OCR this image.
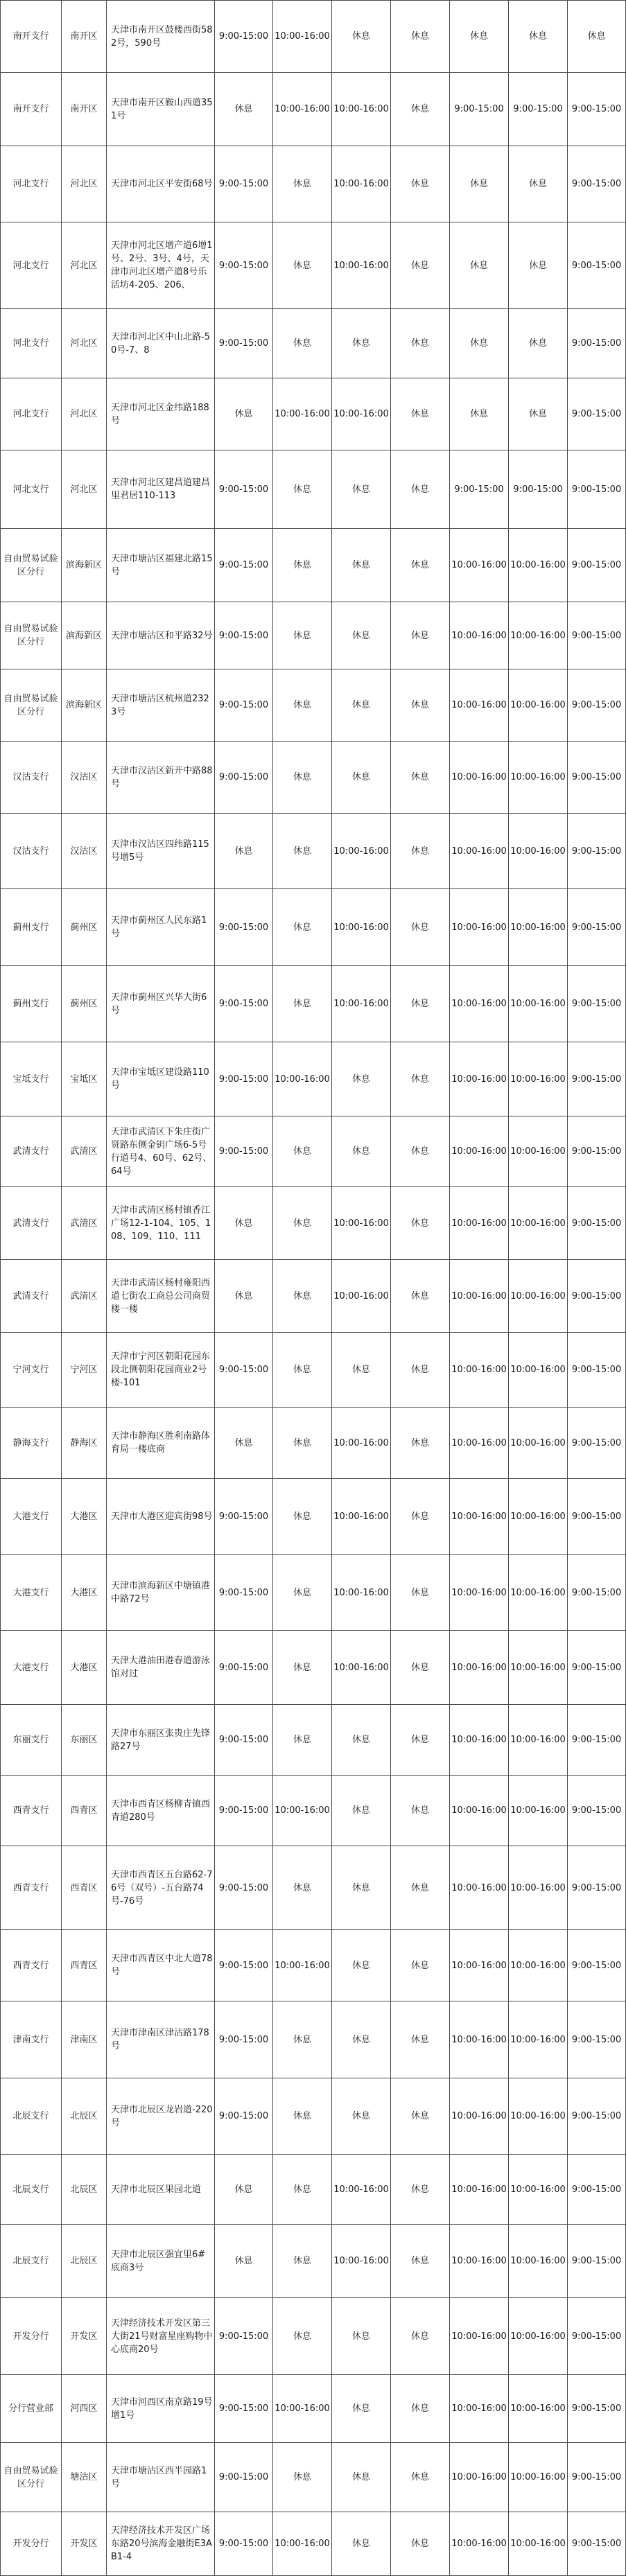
南开支行	南开区	天津市南开区鼓楼西街582号，590号	9:00-15:00	10:00-16:00	休息	休息	休息	休息	休息
南开支行	南开区	天津市南开区鞍山西道351号	休息	10:00-16:00	10:00-16:00	休息	9:00-15:00	9:00-15:00	9:00-15:00
河北支行	河北区	天津市河北区平安街68号	9:00-15:00	休息	10:00-16:00	休息	休息	休息	9:00-15:00
河北支行	河北区	天津市河北区增产道6增1号、2号、3号、4号，天津市河北区增产道8号乐活坊4-205、206、	9:00-15:00	休息	10:00-16:00	休息	休息	休息	9:00-15:00
河北支行	河北区	天津市河北区中山北路-50号-7、8	9:00-15:00	休息	休息	休息	休息	休息	9:00-15:00
河北支行	河北区	天津市河北区金纬路188号	休息	10:00-16:00	10:00-16:00	休息	休息	休息	9:00-15:00
河北支行	河北区	天津市河北区建昌道建昌里君居110-113	9:00-15:00	休息	休息	休息	9:00-15:00	9:00-15:00	9:00-15:00
自由贸易试验区分行	滨海新区	天津市塘沽区福建北路15号	9:00-15:00	休息	休息	休息	10:00-16:00	10:00-16:00	9:00-15:00
自由贸易试验区分行	滨海新区	天津市塘沽区和平路32号	9:00-15:00	休息	休息	休息	10:00-16:00	10:00-16:00	9:00-15:00
自由贸易试验区分行	滨海新区	天津市塘沽区杭州道2323号	9:00-15:00	休息	休息	休息	10:00-16:00	10:00-16:00	9:00-15:00
汉沽支行	汉沽区	天津市汉沽区新开中路88号	9:00-15:00	休息	休息	休息	10:00-16:00	10:00-16:00	9:00-15:00
汉沽支行	汉沽区	天津市汉沽区四纬路115号增5号	休息	休息	10:00-16:00	休息	10:00-16:00	10:00-16:00	9:00-15:00
蓟州支行	蓟州区	天津市蓟州区人民东路1号	9:00-15:00	休息	10:00-16:00	休息	10:00-16:00	10:00-16:00	9:00-15:00
蓟州支行	蓟州区	天津市蓟州区兴华大街6号	9:00-15:00	休息	10:00-16:00	休息	10:00-16:00	10:00-16:00	9:00-15:00
宝坻支行	宝坻区	天津市宝坻区建设路110号	9:00-15:00	10:00-16:00	休息	休息	10:00-16:00	10:00-16:00	9:00-15:00
武清支行	武清区	天津市武清区下朱庄街广贤路东侧金钥广场6-5号行道号4、60号、62号、64号	9:00-15:00	休息	休息	休息	10:00-16:00	10:00-16:00	9:00-15:00
武清支行	武清区	天津市武清区杨村镇香江广场12-1-104、105、108、109、110、111	休息	休息	10:00-16:00	休息	10:00-16:00	10:00-16:00	9:00-15:00
武清支行	武清区	天津市武清区杨村雍阳西道七街农工商总公司商贸楼一楼	休息	休息	10:00-16:00	休息	10:00-16:00	10:00-16:00	9:00-15:00
宁河支行	宁河区	天津市宁河区朝阳花园东段北侧朝阳花园商业2号楼-101	9:00-15:00	休息	休息	休息	10:00-16:00	10:00-16:00	9:00-15:00
静海支行	静海区	天津市静海区胜利南路体育局一楼底商	休息	休息	10:00-16:00	休息	10:00-16:00	10:00-16:00	9:00-15:00
大港支行	大港区	天津市大港区迎宾街98号	9:00-15:00	休息	10:00-16:00	休息	10:00-16:00	10:00-16:00	9:00-15:00
大港支行	大港区	天津市滨海新区中塘镇港中路72号	9:00-15:00	休息	10:00-16:00	休息	10:00-16:00	10:00-16:00	9:00-15:00
大港支行	大港区	天津大港油田港春道游泳馆对过	9:00-15:00	休息	10:00-16:00	休息	10:00-16:00	10:00-16:00	9:00-15:00
东丽支行	东丽区	天津市东丽区张贵庄先锋路27号	9:00-15:00	休息	休息	休息	10:00-16:00	10:00-16:00	9:00-15:00
西青支行	西青区	天津市西青区杨柳青镇西青道280号	9:00-15:00	10:00-16:00	休息	休息	10:00-16:00	10:00-16:00	9:00-15:00
西青支行	西青区	天津市西青区五台路62-76号（双号）-五台路74号-76号	9:00-15:00	休息	休息	休息	10:00-16:00	10:00-16:00	9:00-15:00
西青支行	西青区	天津市西青区中北大道78号	9:00-15:00	10:00-16:00	休息	休息	10:00-16:00	10:00-16:00	9:00-15:00
津南支行	津南区	天津市津南区津沽路178号	9:00-15:00	休息	休息	休息	10:00-16:00	10:00-16:00	9:00-15:00
北辰支行	北辰区	天津市北辰区龙岩道-220号	9:00-15:00	休息	休息	休息	10:00-16:00	10:00-16:00	9:00-15:00
北辰支行	北辰区	天津市北辰区果园北道	休息	休息	10:00-16:00	休息	10:00-16:00	10:00-16:00	9:00-15:00
北辰支行	北辰区	天津市北辰区强宜里6#底商3号	休息	休息	10:00-16:00	休息	10:00-16:00	10:00-16:00	9:00-15:00
开发分行	开发区	天津经济技术开发区第三大街21号财富星座购物中心底商20号	9:00-15:00	休息	休息	休息	10:00-16:00	10:00-16:00	9:00-15:00
分行营业部	河西区	天津市河西区南京路19号增1号	9:00-15:00	10:00-16:00	休息	休息	10:00-16:00	10:00-16:00	9:00-15:00
自由贸易试验区分行	塘沽区	天津市塘沽区西半园路1号	9:00-15:00	休息	休息	休息	10:00-16:00	10:00-16:00	9:00-15:00
开发分行	开发区	天津经济技术开发区广场东路20号滨海金融街E3AB1-4	9:00-15:00	10:00-16:00	休息	休息	10:00-16:00	10:00-16:00	9:00-15:00
